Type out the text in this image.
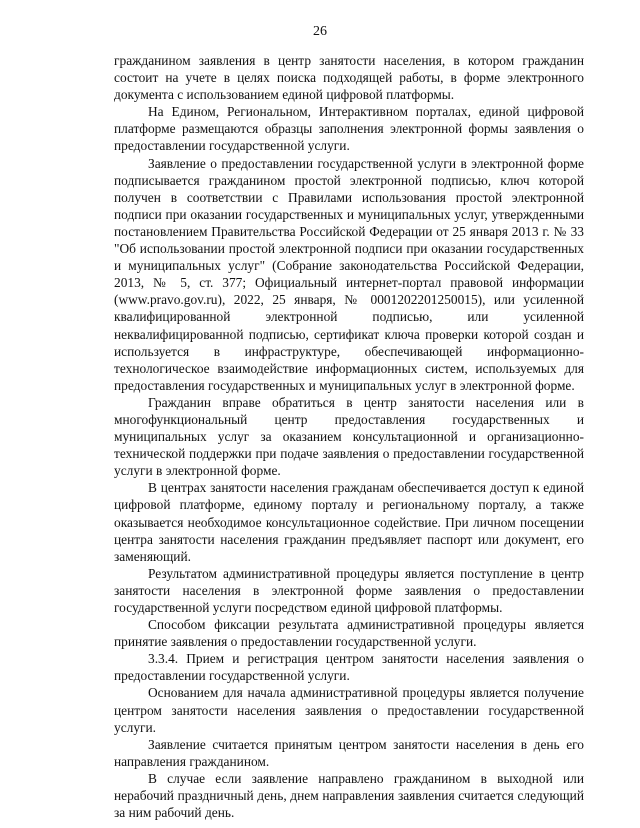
26

гражданином заявления в центр занятости населения, в котором гражданин состоит на учете в целях поиска подходящей работы, в форме электронного документа с использованием единой цифровой платформы.

На Едином, Региональном, Интерактивном порталах, единой цифровой платформе размещаются образцы заполнения электронной формы заявления о предоставлении государственной услуги.

Заявление о предоставлении государственной услуги в электронной форме подписывается гражданином простой электронной подписью, ключ которой получен в соответствии с Правилами использования простой электронной подписи при оказании государственных и муниципальных услуг, утвержденными постановлением Правительства Российской Федерации от 25 января 2013 г. № 33 "Об использовании простой электронной подписи при оказании государственных и муниципальных услуг" (Собрание законодательства Российской Федерации, 2013, № 5, ст. 377; Официальный интернет-портал правовой информации (www.pravo.gov.ru), 2022, 25 января, № 0001202201250015), или усиленной квалифицированной электронной подписью, или усиленной неквалифицированной подписью, сертификат ключа проверки которой создан и используется в инфраструктуре, обеспечивающей информационно-технологическое взаимодействие информационных систем, используемых для предоставления государственных и муниципальных услуг в электронной форме.

Гражданин вправе обратиться в центр занятости населения или в многофункциональный центр предоставления государственных и муниципальных услуг за оказанием консультационной и организационно-технической поддержки при подаче заявления о предоставлении государственной услуги в электронной форме.

В центрах занятости населения гражданам обеспечивается доступ к единой цифровой платформе, единому порталу и региональному порталу, а также оказывается необходимое консультационное содействие. При личном посещении центра занятости населения гражданин предъявляет паспорт или документ, его заменяющий.

Результатом административной процедуры является поступление в центр занятости населения в электронной форме заявления о предоставлении государственной услуги посредством единой цифровой платформы.

Способом фиксации результата административной процедуры является принятие заявления о предоставлении государственной услуги.

3.3.4. Прием и регистрация центром занятости населения заявления о предоставлении государственной услуги.

Основанием для начала административной процедуры является получение центром занятости населения заявления о предоставлении государственной услуги.

Заявление считается принятым центром занятости населения в день его направления гражданином.

В случае если заявление направлено гражданином в выходной или нерабочий праздничный день, днем направления заявления считается следующий за ним рабочий день.
